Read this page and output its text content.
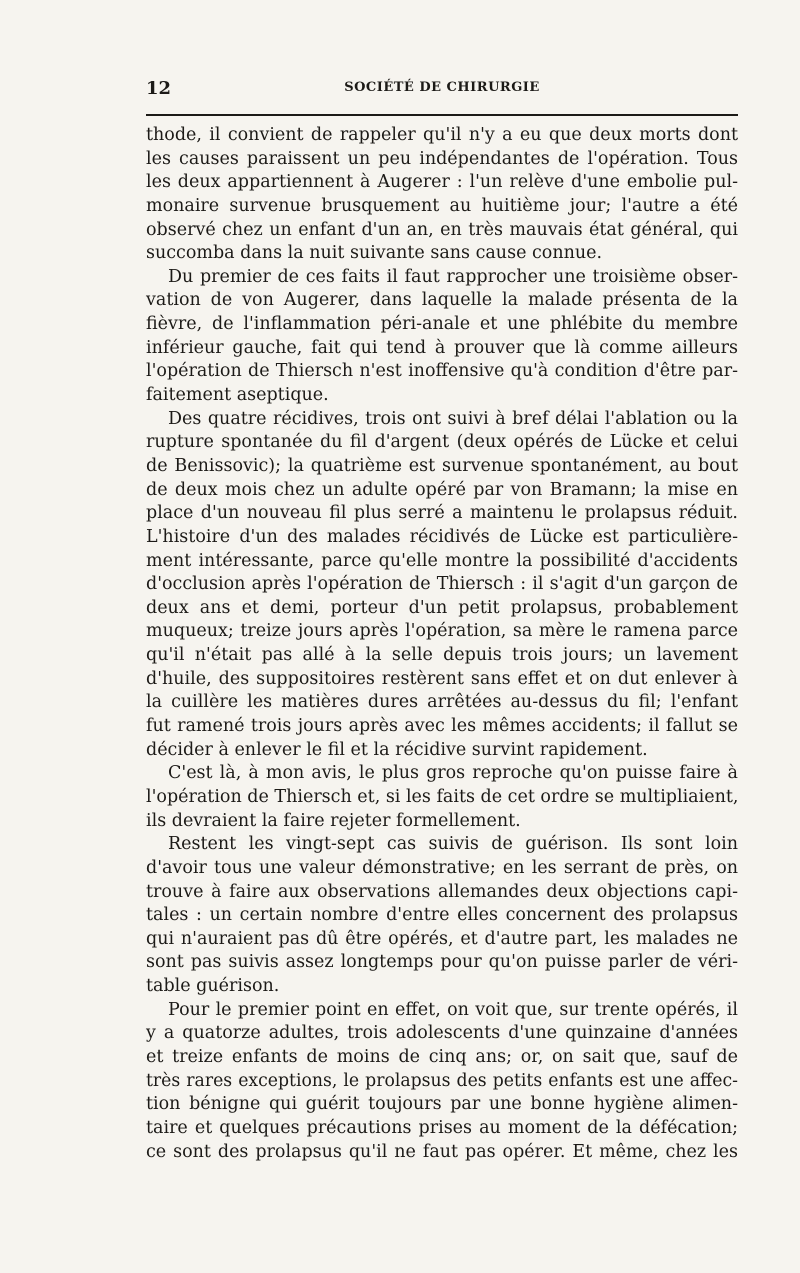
12	SOCIÉTÉ DE CHIRURGIE
thode, il convient de rappeler qu'il n'y a eu que deux morts dont
les causes paraissent un peu indépendantes de l'opération. Tous
les deux appartiennent à Augerer : l'un relève d'une embolie pul-
monaire survenue brusquement au huitième jour; l'autre a été
observé chez un enfant d'un an, en très mauvais état général, qui
succomba dans la nuit suivante sans cause connue.
Du premier de ces faits il faut rapprocher une troisième obser-
vation de von Augerer, dans laquelle la malade présenta de la
fièvre, de l'inflammation péri-anale et une phlébite du membre
inférieur gauche, fait qui tend à prouver que là comme ailleurs
l'opération de Thiersch n'est inoffensive qu'à condition d'être par-
faitement aseptique.
Des quatre récidives, trois ont suivi à bref délai l'ablation ou la
rupture spontanée du fil d'argent (deux opérés de Lücke et celui
de Benissovic); la quatrième est survenue spontanément, au bout
de deux mois chez un adulte opéré par von Bramann; la mise en
place d'un nouveau fil plus serré a maintenu le prolapsus réduit.
L'histoire d'un des malades récidivés de Lücke est particulière-
ment intéressante, parce qu'elle montre la possibilité d'accidents
d'occlusion après l'opération de Thiersch : il s'agit d'un garçon de
deux ans et demi, porteur d'un petit prolapsus, probablement
muqueux; treize jours après l'opération, sa mère le ramena parce
qu'il n'était pas allé à la selle depuis trois jours; un lavement
d'huile, des suppositoires restèrent sans effet et on dut enlever à
la cuillère les matières dures arrêtées au-dessus du fil; l'enfant
fut ramené trois jours après avec les mêmes accidents; il fallut se
décider à enlever le fil et la récidive survint rapidement.
C'est là, à mon avis, le plus gros reproche qu'on puisse faire à
l'opération de Thiersch et, si les faits de cet ordre se multipliaient,
ils devraient la faire rejeter formellement.
Restent les vingt-sept cas suivis de guérison. Ils sont loin
d'avoir tous une valeur démonstrative; en les serrant de près, on
trouve à faire aux observations allemandes deux objections capi-
tales : un certain nombre d'entre elles concernent des prolapsus
qui n'auraient pas dû être opérés, et d'autre part, les malades ne
sont pas suivis assez longtemps pour qu'on puisse parler de véri-
table guérison.
Pour le premier point en effet, on voit que, sur trente opérés, il
y a quatorze adultes, trois adolescents d'une quinzaine d'années
et treize enfants de moins de cinq ans; or, on sait que, sauf de
très rares exceptions, le prolapsus des petits enfants est une affec-
tion bénigne qui guérit toujours par une bonne hygiène alimen-
taire et quelques précautions prises au moment de la défécation;
ce sont des prolapsus qu'il ne faut pas opérer. Et même, chez les
